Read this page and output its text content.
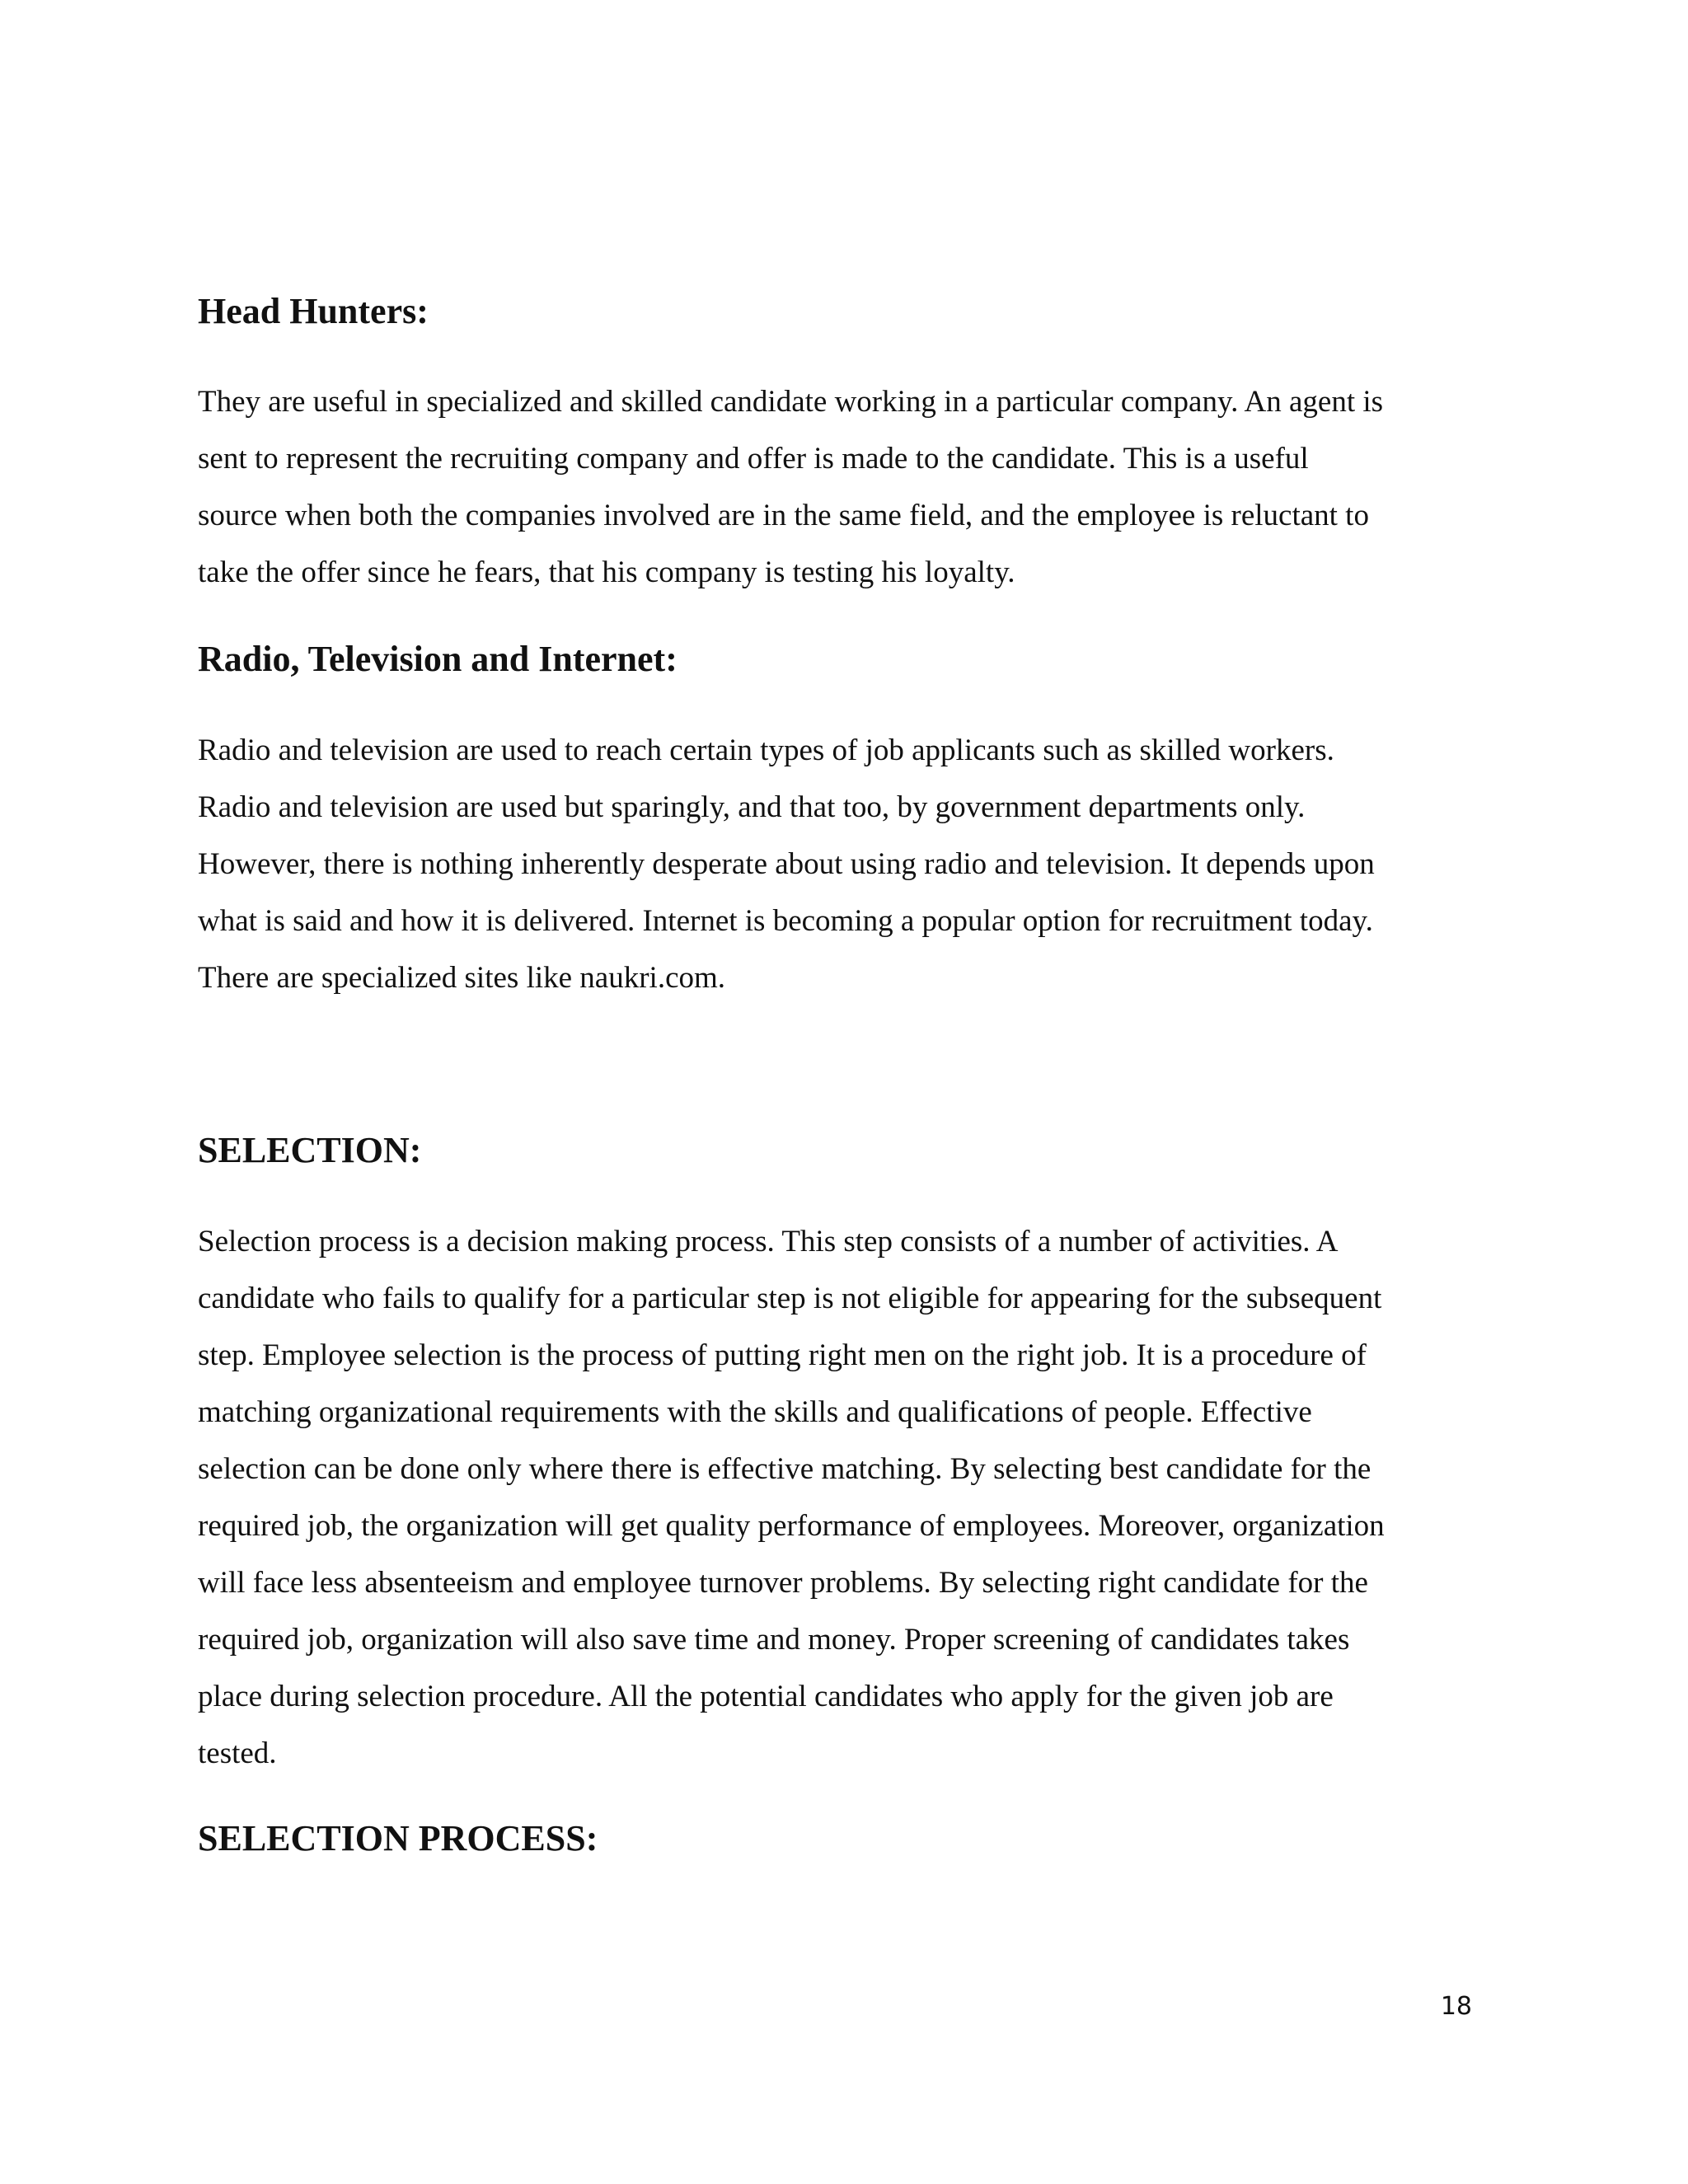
Head Hunters:
They are useful in specialized and skilled candidate working in a particular company. An agent is
sent to represent the recruiting company and offer is made to the candidate. This is a useful
source when both the companies involved are in the same field, and the employee is reluctant to
take the offer since he fears, that his company is testing his loyalty.
Radio, Television and Internet:
Radio and television are used to reach certain types of job applicants such as skilled workers.
Radio and television are used but sparingly, and that too, by government departments only.
However, there is nothing inherently desperate about using radio and television. It depends upon
what is said and how it is delivered. Internet is becoming a popular option for recruitment today.
There are specialized sites like naukri.com.
SELECTION:
Selection process is a decision making process. This step consists of a number of activities. A
candidate who fails to qualify for a particular step is not eligible for appearing for the subsequent
step. Employee selection is the process of putting right men on the right job. It is a procedure of
matching organizational requirements with the skills and qualifications of people. Effective
selection can be done only where there is effective matching. By selecting best candidate for the
required job, the organization will get quality performance of employees. Moreover, organization
will face less absenteeism and employee turnover problems. By selecting right candidate for the
required job, organization will also save time and money. Proper screening of candidates takes
place during selection procedure. All the potential candidates who apply for the given job are
tested.
SELECTION PROCESS:
18
